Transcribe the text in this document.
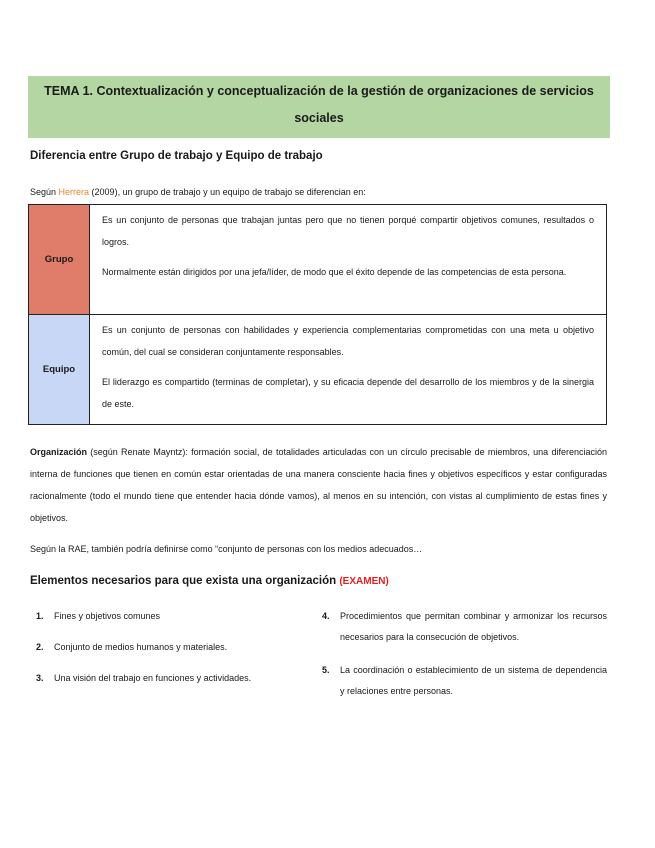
TEMA 1. Contextualización y conceptualización de la gestión de organizaciones de servicios
sociales
Diferencia entre Grupo de trabajo y Equipo de trabajo
Según Herrera (2009), un grupo de trabajo y un equipo de trabajo se diferencian en:
Grupo	Es un conjunto de personas que trabajan juntas pero que no tienen porqué compartir objetivos comunes, resultados o logros.

Normalmente están dirigidos por una jefa/líder, de modo que el éxito depende de las competencias de esta persona.

Equipo	Es un conjunto de personas con habilidades y experiencia complementarias comprometidas con una meta u objetivo común, del cual se consideran conjuntamente responsables.

El liderazgo es compartido (terminas de completar), y su eficacia depende del desarrollo de los miembros y de la sinergia de este.

Organización (según Renate Mayntz): formación social, de totalidades articuladas con un círculo precisable de miembros, una diferenciación interna de funciones que tienen en común estar orientadas de una manera consciente hacia fines y objetivos específicos y estar configuradas racionalmente (todo el mundo tiene que entender hacia dónde vamos), al menos en su intención, con vistas al cumplimiento de estas fines y objetivos.
Según la RAE, también podría definirse como “conjunto de personas con los medios adecuados…
Elementos necesarios para que exista una organización (EXAMEN)
1. Fines y objetivos comunes
2. Conjunto de medios humanos y materiales.
3. Una visión del trabajo en funciones y actividades.
4. Procedimientos que permitan combinar y armonizar los recursos necesarios para la consecución de objetivos.
5. La coordinación o establecimiento de un sistema de dependencia y relaciones entre personas.
